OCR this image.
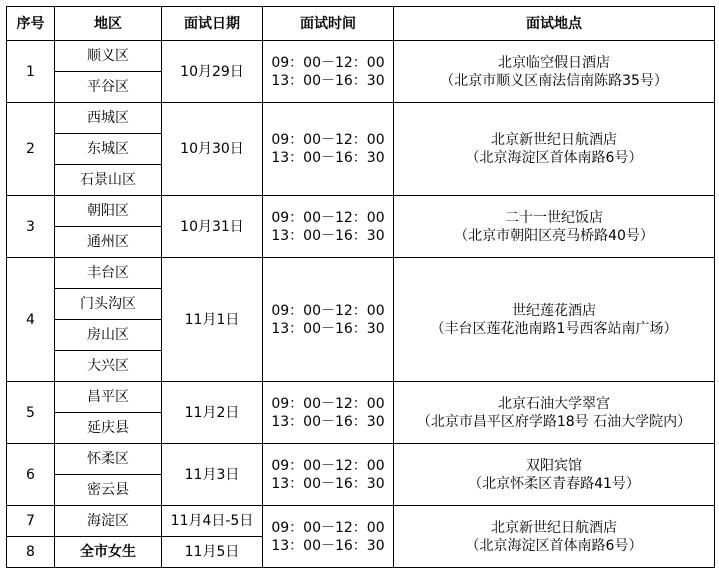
序号	地区	面试日期	面试时间	面试地点
1	顺义区	10月29日	09：00－12：00
13：00－16：30	北京临空假日酒店
（北京市顺义区南法信南陈路35号）

	平谷区			
2	西城区	10月30日	09：00－12：00
13：00－16：30	北京新世纪日航酒店
（北京海淀区首体南路6号）

	东城区			
	石景山区			
3	朝阳区	10月31日	09：00－12：00
13：00－16：30	二十一世纪饭店
（北京市朝阳区亮马桥路40号）

	通州区			
4	丰台区	11月1日	09：00－12：00
13：00－16：30	世纪莲花酒店
（丰台区莲花池南路1号西客站南广场）

	门头沟区			
	房山区			
	大兴区			
5	昌平区	11月2日	09：00－12：00
13：00－16：30	北京石油大学翠宫
（北京市昌平区府学路18号 石油大学院内）

	延庆县			
6	怀柔区	11月3日	09：00－12：00
13：00－16：30	双阳宾馆
（北京怀柔区青春路41号）

	密云县			
7	海淀区	11月4日-5日	09：00－12：00
13：00－16：30	北京新世纪日航酒店
（北京海淀区首体南路6号）

8	全市女生	11月5日		
